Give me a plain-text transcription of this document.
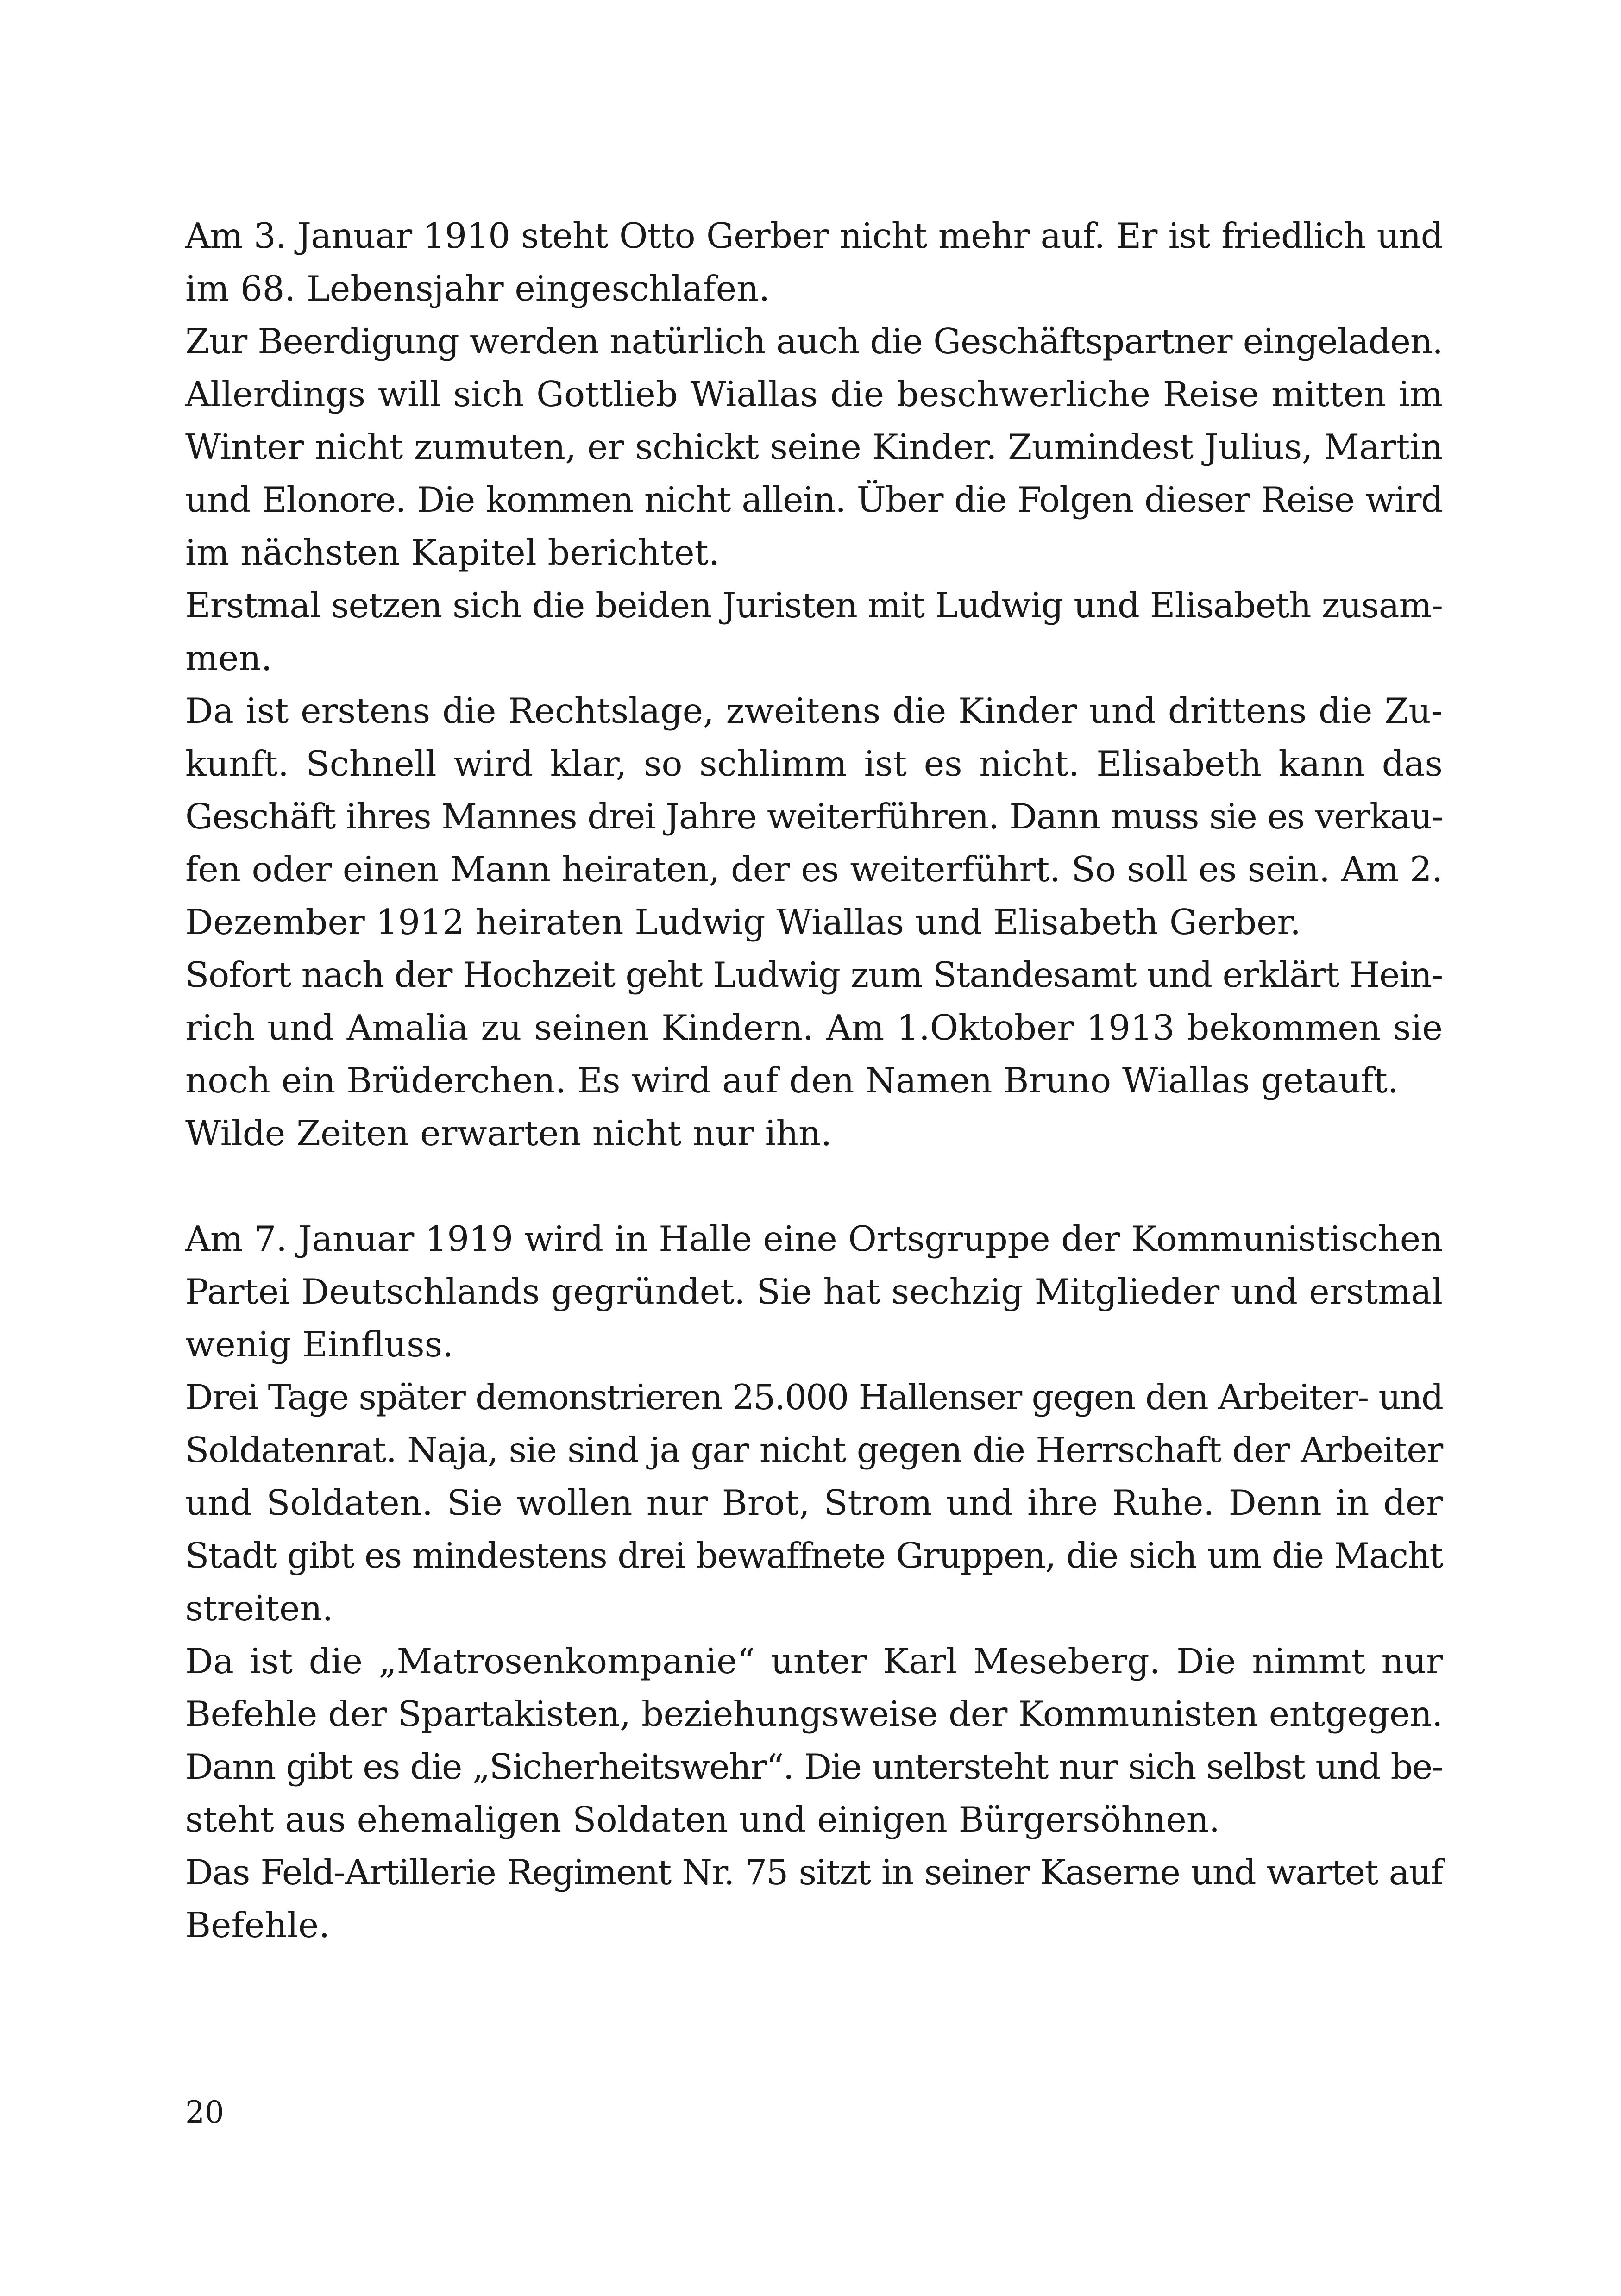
Am 3. Januar 1910 steht Otto Gerber nicht mehr auf. Er ist friedlich und
im 68. Lebensjahr eingeschlafen.
Zur Beerdigung werden natürlich auch die Geschäftspartner eingeladen.
Allerdings will sich Gottlieb Wiallas die beschwerliche Reise mitten im
Winter nicht zumuten, er schickt seine Kinder. Zumindest Julius, Martin
und Elonore. Die kommen nicht allein. Über die Folgen dieser Reise wird
im nächsten Kapitel berichtet.
Erstmal setzen sich die beiden Juristen mit Ludwig und Elisabeth zusam-
men.
Da ist erstens die Rechtslage, zweitens die Kinder und drittens die Zu-
kunft. Schnell wird klar, so schlimm ist es nicht. Elisabeth kann das
Geschäft ihres Mannes drei Jahre weiterführen. Dann muss sie es verkau-
fen oder einen Mann heiraten, der es weiterführt. So soll es sein. Am 2.
Dezember 1912 heiraten Ludwig Wiallas und Elisabeth Gerber.
Sofort nach der Hochzeit geht Ludwig zum Standesamt und erklärt Hein-
rich und Amalia zu seinen Kindern. Am 1.Oktober 1913 bekommen sie
noch ein Brüderchen. Es wird auf den Namen Bruno Wiallas getauft.
Wilde Zeiten erwarten nicht nur ihn.
Am 7. Januar 1919 wird in Halle eine Ortsgruppe der Kommunistischen
Partei Deutschlands gegründet. Sie hat sechzig Mitglieder und erstmal
wenig Einfluss.
Drei Tage später demonstrieren 25.000 Hallenser gegen den Arbeiter- und
Soldatenrat. Naja, sie sind ja gar nicht gegen die Herrschaft der Arbeiter
und Soldaten. Sie wollen nur Brot, Strom und ihre Ruhe. Denn in der
Stadt gibt es mindestens drei bewaffnete Gruppen, die sich um die Macht
streiten.
Da ist die „Matrosenkompanie“ unter Karl Meseberg. Die nimmt nur
Befehle der Spartakisten, beziehungsweise der Kommunisten entgegen.
Dann gibt es die „Sicherheitswehr“. Die untersteht nur sich selbst und be-
steht aus ehemaligen Soldaten und einigen Bürgersöhnen.
Das Feld-Artillerie Regiment Nr. 75 sitzt in seiner Kaserne und wartet auf
Befehle.
20
